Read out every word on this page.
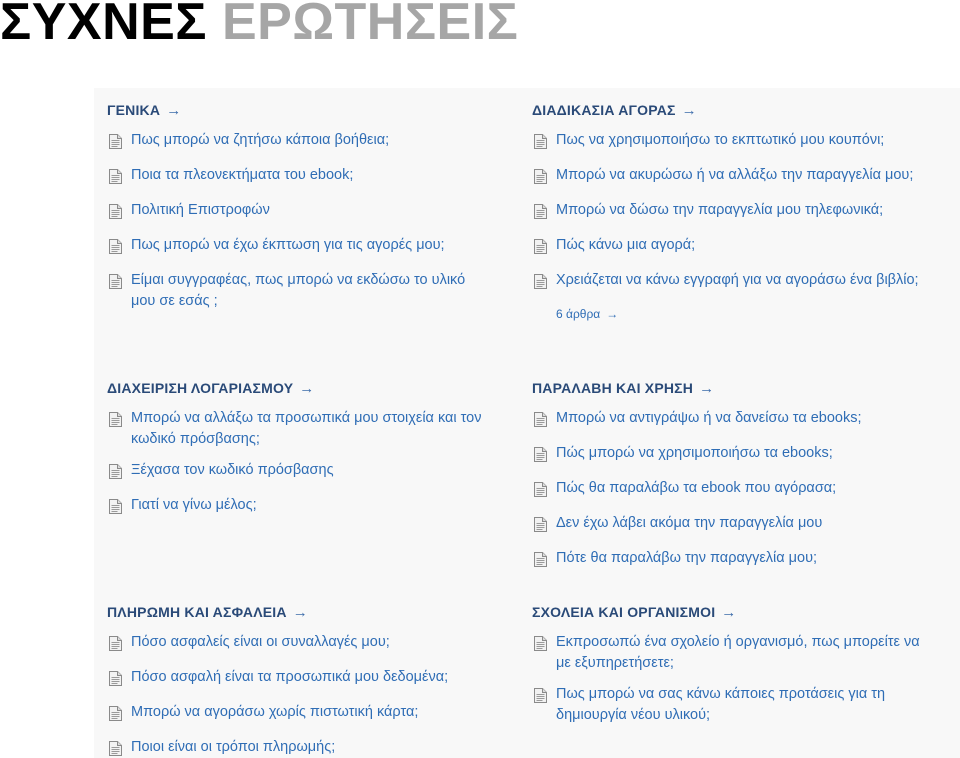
ΣΥΧΝΕΣ ΕΡΩΤΗΣΕΙΣ
ΓΕΝΙΚΑ →
Πως μπορώ να ζητήσω κάποια βοήθεια;
Ποια τα πλεονεκτήματα του ebook;
Πολιτική Επιστροφών
Πως μπορώ να έχω έκπτωση για τις αγορές μου;
Είμαι συγγραφέας, πως μπορώ να εκδώσω το υλικό μου σε εσάς ;
ΔΙΑΔΙΚΑΣΙΑ ΑΓΟΡΑΣ →
Πως να χρησιμοποιήσω το εκπτωτικό μου κουπόνι;
Μπορώ να ακυρώσω ή να αλλάξω την παραγγελία μου;
Μπορώ να δώσω την παραγγελία μου τηλεφωνικά;
Πώς κάνω μια αγορά;
Χρειάζεται να κάνω εγγραφή για να αγοράσω ένα βιβλίο;
6 άρθρα →
ΔΙΑΧΕΙΡΙΣΗ ΛΟΓΑΡΙΑΣΜΟΥ →
Μπορώ να αλλάξω τα προσωπικά μου στοιχεία και τον κωδικό πρόσβασης;
Ξέχασα τον κωδικό πρόσβασης
Γιατί να γίνω μέλος;
ΠΑΡΑΛΑΒΗ ΚΑΙ ΧΡΗΣΗ →
Μπορώ να αντιγράψω ή να δανείσω τα ebooks;
Πώς μπορώ να χρησιμοποιήσω τα ebooks;
Πώς θα παραλάβω τα ebook που αγόρασα;
Δεν έχω λάβει ακόμα την παραγγελία μου
Πότε θα παραλάβω την παραγγελία μου;
ΠΛΗΡΩΜΗ ΚΑΙ ΑΣΦΑΛΕΙΑ →
Πόσο ασφαλείς είναι οι συναλλαγές μου;
Πόσο ασφαλή είναι τα προσωπικά μου δεδομένα;
Μπορώ να αγοράσω χωρίς πιστωτική κάρτα;
Ποιοι είναι οι τρόποι πληρωμής;
ΣΧΟΛΕΙΑ ΚΑΙ ΟΡΓΑΝΙΣΜΟΙ →
Εκπροσωπώ ένα σχολείο ή οργανισμό, πως μπορείτε να με εξυπηρετήσετε;
Πως μπορώ να σας κάνω κάποιες προτάσεις για τη δημιουργία νέου υλικού;
